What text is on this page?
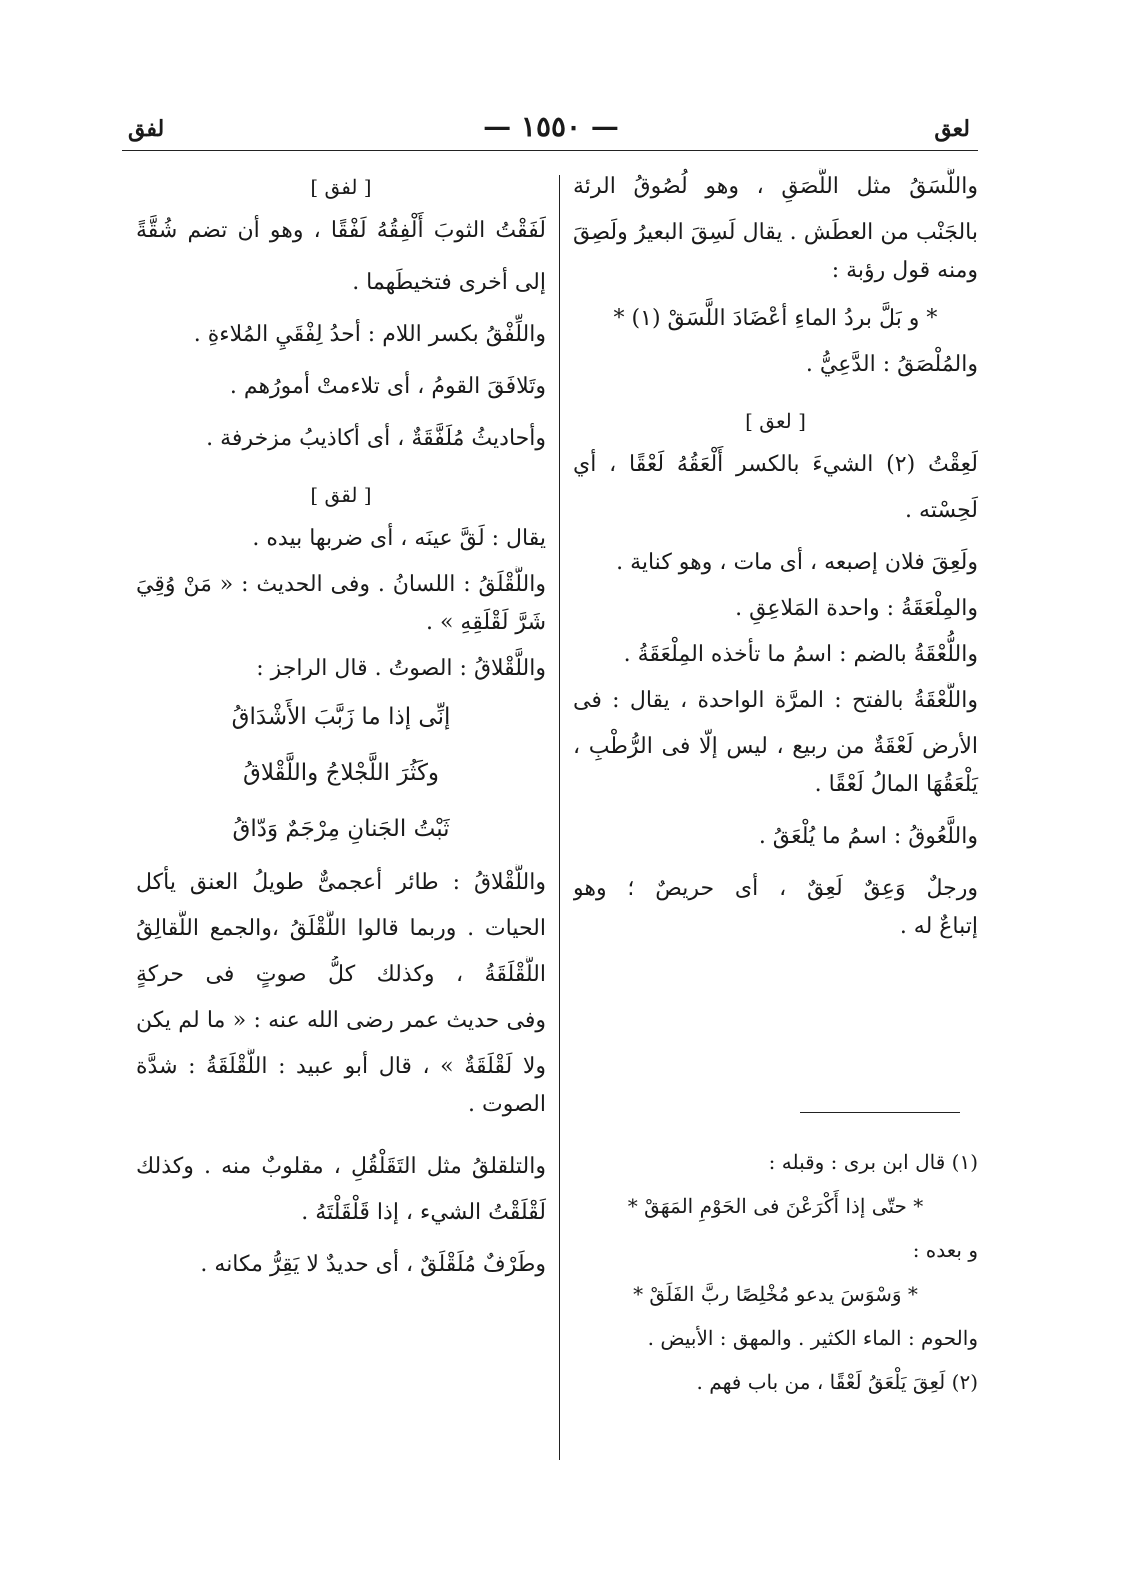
لعق
— ١٥٥٠ —
لفق
واللَّسَقُ مثل اللَّصَقِ ، وهو لُصُوقُ الرئة
بالجَنْب من العطَش . يقال لَسِقَ البعيرُ ولَصِقَ
ومنه قول رؤبة :
* و بَلَّ بردُ الماءِ أعْضَادَ اللَّسَقْ (١) *
والمُلْصَقُ : الدَّعِيُّ .
[ لعق ]
لَعِقْتُ (٢) الشيءَ بالكسر أَلْعَقُهُ لَعْقًا ، أي
لَحِسْته .
ولَعِقَ فلان إصبعه ، أى مات ، وهو كناية .
والمِلْعَقَةُ : واحدة المَلاعِقِ .
واللُّعْقَةُ بالضم : اسمُ ما تأخذه المِلْعَقَةُ .
واللَّعْقَةُ بالفتح : المرَّة الواحدة ، يقال : فى
الأرض لَعْقَةٌ من ربيع ، ليس إلّا فى الرُّطْبِ ،
يَلْعَقُهَا المالُ لَعْقًا .
واللَّعُوقُ : اسمُ ما يُلْعَقُ .
ورجلٌ وَعِقٌ لَعِقٌ ، أى حريصٌ ؛ وهو
إتباعٌ له .
(١) قال ابن برى : وقبله :
* حتّى إذا أَكْرَعْنَ فى الحَوْمِ المَهَقْ *
و بعده :
* وَسْوَسَ يدعو مُخْلِصًا ربَّ الفَلَقْ *
والحوم : الماء الكثير . والمهق : الأبيض .
(٢) لَعِقَ يَلْعَقُ لَعْقًا ، من باب فهم .
[ لفق ]
لَفَقْتُ الثوبَ أَلْفِقُهُ لَفْقًا ، وهو أن تضم شُقَّةً
إلى أخرى فتخيطَهما .
واللِّفْقُ بكسر اللام : أحدُ لِفْقَيِ المُلاءةِ .
وتَلافَقَ القومُ ، أى تلاءمتْ أمورُهم .
وأحاديثُ مُلَفَّقَةٌ ، أى أكاذيبُ مزخرفة .
[ لقق ]
يقال : لَقَّ عينَه ، أى ضربها بيده .
واللَّقْلَقُ : اللسانُ . وفى الحديث : « مَنْ وُقِيَ
شَرَّ لَقْلَقِهِ » .
واللَّقْلاقُ : الصوتُ . قال الراجز :
إنِّى إذا ما زَبَّبَ الأَشْدَاقُ
وكَثُرَ اللَّجْلاجُ واللَّقْلاقُ
ثَبْتُ الجَنانِ مِرْجَمٌ وَدّاقُ
واللَّقْلاقُ : طائر أعجمىٌّ طويلُ العنق يأكل
الحيات . وربما قالوا اللَّقْلَقُ ،والجمع اللَّقالِقُ
اللَّقْلَقَةُ ، وكذلك كلُّ صوتٍ فى حركةٍ
وفى حديث عمر رضى الله عنه : « ما لم يكن
ولا لَقْلَقَةٌ » ، قال أبو عبيد : اللَّقْلَقَةُ : شدَّة
الصوت .
والتلقلقُ مثل التَقَلْقُلِ ، مقلوبٌ منه . وكذلك
لَقْلَقْتُ الشيء ، إذا قَلْقَلْتَهُ .
وطَرْفٌ مُلَقْلَقٌ ، أى حديدٌ لا يَقِرُّ مكانه .
